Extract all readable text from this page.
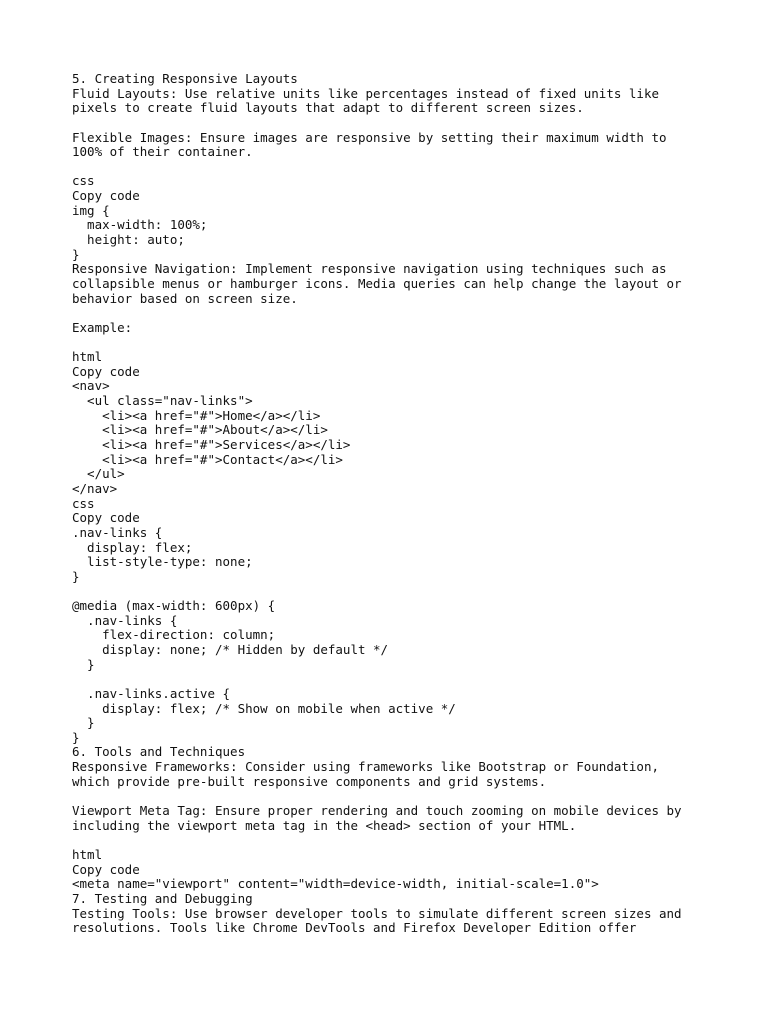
5. Creating Responsive Layouts
Fluid Layouts: Use relative units like percentages instead of fixed units like
pixels to create fluid layouts that adapt to different screen sizes.
Flexible Images: Ensure images are responsive by setting their maximum width to
100% of their container.
css
Copy code
img {
max-width: 100%;
height: auto;
}
Responsive Navigation: Implement responsive navigation using techniques such as
collapsible menus or hamburger icons. Media queries can help change the layout or
behavior based on screen size.
Example:
html
Copy code
<nav>
<ul class="nav-links">
<li><a href="#">Home</a></li>
<li><a href="#">About</a></li>
<li><a href="#">Services</a></li>
<li><a href="#">Contact</a></li>
</ul>
</nav>
css
Copy code
.nav-links {
display: flex;
list-style-type: none;
}
@media (max-width: 600px) {
.nav-links {
flex-direction: column;
display: none; /* Hidden by default */
}
.nav-links.active {
display: flex; /* Show on mobile when active */
}
}
6. Tools and Techniques
Responsive Frameworks: Consider using frameworks like Bootstrap or Foundation,
which provide pre-built responsive components and grid systems.
Viewport Meta Tag: Ensure proper rendering and touch zooming on mobile devices by
including the viewport meta tag in the <head> section of your HTML.
html
Copy code
<meta name="viewport" content="width=device-width, initial-scale=1.0">
7. Testing and Debugging
Testing Tools: Use browser developer tools to simulate different screen sizes and
resolutions. Tools like Chrome DevTools and Firefox Developer Edition offer
